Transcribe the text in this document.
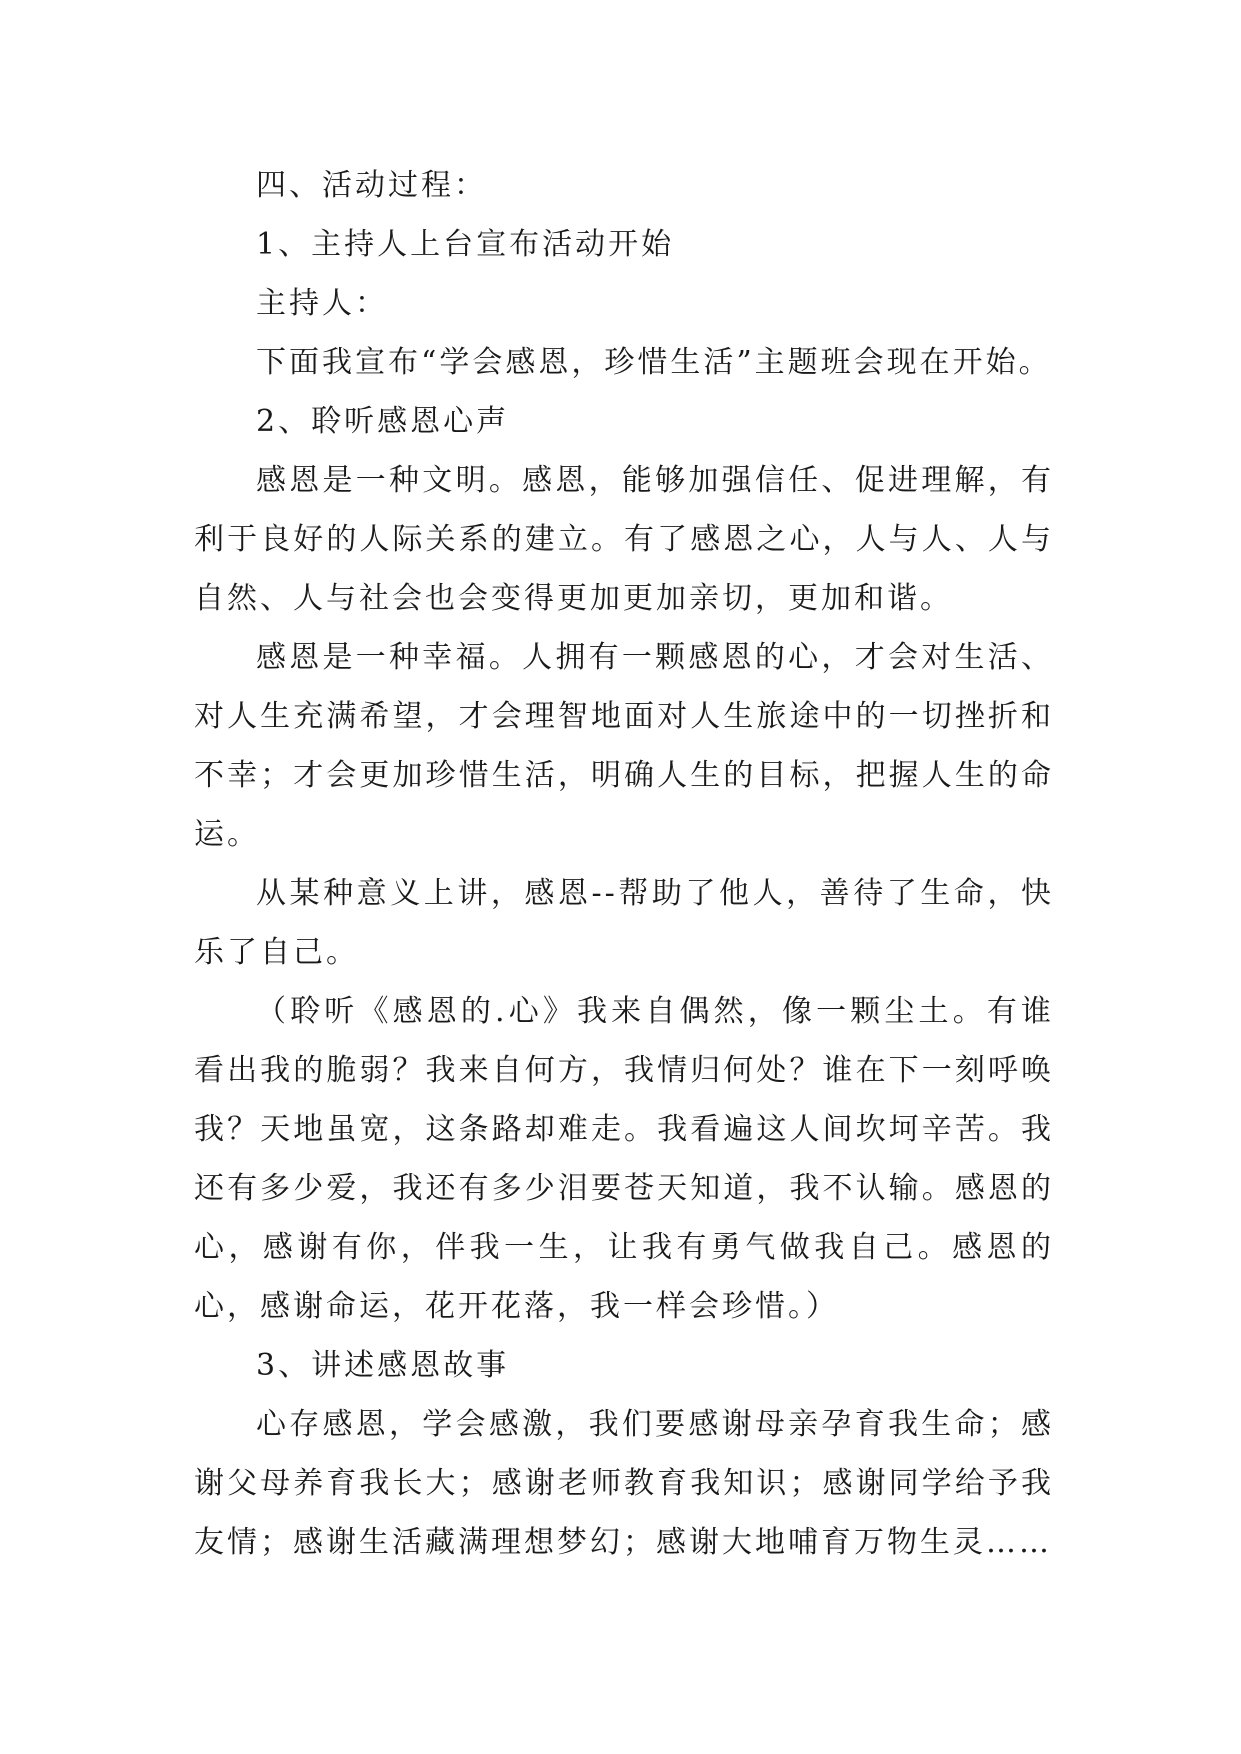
四、活动过程：

1、主持人上台宣布活动开始

主持人：

下面我宣布“学会感恩，珍惜生活”主题班会现在开始。

2、聆听感恩心声

感恩是一种文明。感恩，能够加强信任、促进理解，有利于良好的人际关系的建立。有了感恩之心，人与人、人与自然、人与社会也会变得更加更加亲切，更加和谐。

感恩是一种幸福。人拥有一颗感恩的心，才会对生活、对人生充满希望，才会理智地面对人生旅途中的一切挫折和不幸；才会更加珍惜生活，明确人生的目标，把握人生的命运。

从某种意义上讲，感恩--帮助了他人，善待了生命，快乐了自己。

（聆听《感恩的.心》我来自偶然，像一颗尘土。有谁看出我的脆弱？我来自何方，我情归何处？谁在下一刻呼唤我？天地虽宽，这条路却难走。我看遍这人间坎坷辛苦。我还有多少爱，我还有多少泪要苍天知道，我不认输。感恩的心，感谢有你，伴我一生，让我有勇气做我自己。感恩的心，感谢命运，花开花落，我一样会珍惜。）

3、讲述感恩故事

心存感恩，学会感激，我们要感谢母亲孕育我生命；感谢父母养育我长大；感谢老师教育我知识；感谢同学给予我友情；感谢生活藏满理想梦幻；感谢大地哺育万物生灵……
